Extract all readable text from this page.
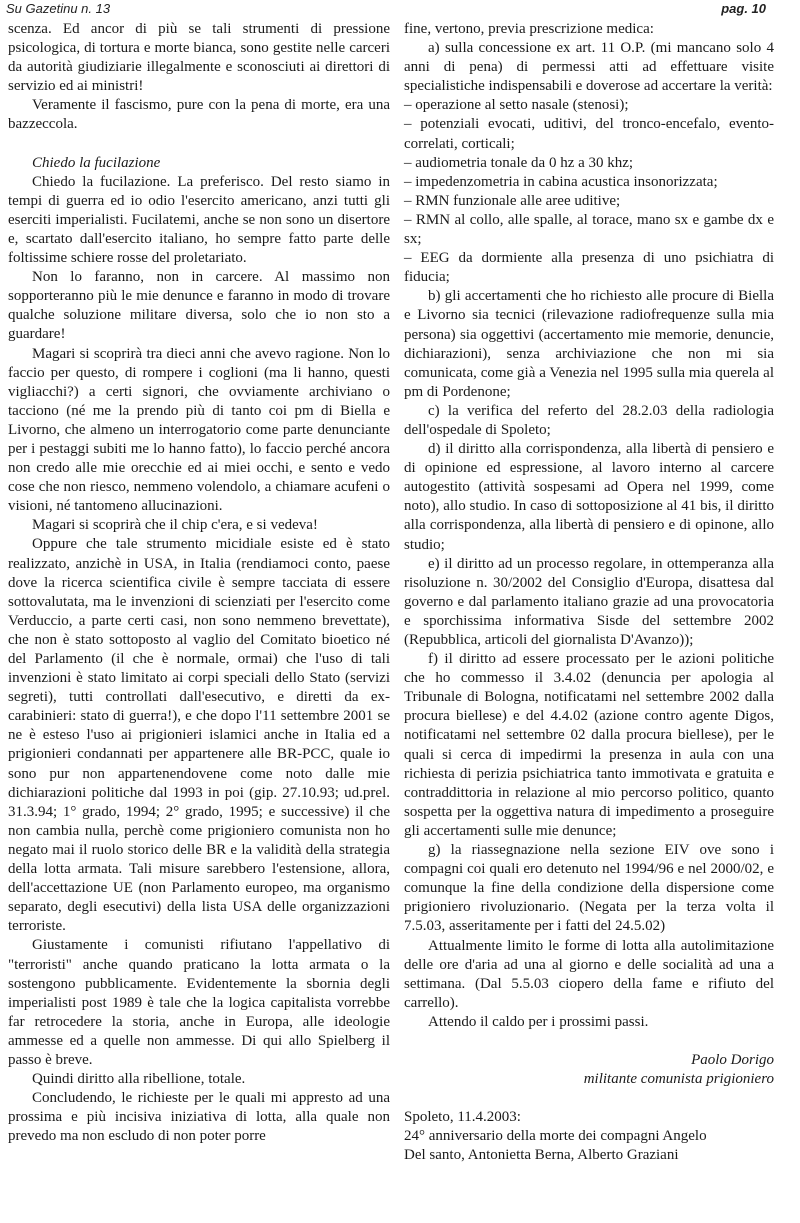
Su Gazetinu n. 13	pag. 10

scenza. Ed ancor di più se tali strumenti di pressione psicologica, di tortura e morte bianca, sono gestite nelle carceri da autorità giudiziarie illegalmente e sconosciuti ai direttori di servizio ed ai ministri!

Veramente il fascismo, pure con la pena di morte, era una bazzeccola.

Chiedo la fucilazione

Chiedo la fucilazione. La preferisco. Del resto siamo in tempi di guerra ed io odio l'esercito americano, anzi tutti gli eserciti imperialisti. Fucilatemi, anche se non sono un disertore e, scartato dall'esercito italiano, ho sempre fatto parte delle foltissime schiere rosse del proletariato.

Non lo faranno, non in carcere. Al massimo non sopporteranno più le mie denunce e faranno in modo di trovare qualche soluzione militare diversa, solo che io non sto a guardare!

Magari si scoprirà tra dieci anni che avevo ragione. Non lo faccio per questo, di rompere i coglioni (ma li hanno, questi vigliacchi?) a certi signori, che ovviamente archiviano o tacciono (né me la prendo più di tanto coi pm di Biella e Livorno, che almeno un interrogatorio come parte denunciante per i pestaggi subiti me lo hanno fatto), lo faccio perché ancora non credo alle mie orecchie ed ai miei occhi, e sento e vedo cose che non riesco, nemmeno volendolo, a chiamare acufeni o visioni, né tantomeno allucinazioni.

Magari si scoprirà che il chip c'era, e si vedeva!

Oppure che tale strumento micidiale esiste ed è stato realizzato, anzichè in USA, in Italia (rendiamoci conto, paese dove la ricerca scientifica civile è sempre tacciata di essere sottovalutata, ma le invenzioni di scienziati per l'esercito come Verduccio, a parte certi casi, non sono nemmeno brevettate), che non è stato sottoposto al vaglio del Comitato bioetico né del Parlamento (il che è normale, ormai) che l'uso di tali invenzioni è stato limitato ai corpi speciali dello Stato (servizi segreti), tutti controllati dall'esecutivo, e diretti da ex-carabinieri: stato di guerra!), e che dopo l'11 settembre 2001 se ne è esteso l'uso ai prigionieri islamici anche in Italia ed a prigionieri condannati per appartenere alle BR-PCC, quale io sono pur non appartenendovene come noto dalle mie dichiarazioni politiche dal 1993 in poi (gip. 27.10.93; ud.prel. 31.3.94; 1° grado, 1994; 2° grado, 1995; e successive) il che non cambia nulla, perchè come prigioniero comunista non ho negato mai il ruolo storico delle BR e la validità della strategia della lotta armata. Tali misure sarebbero l'estensione, allora, dell'accettazione UE (non Parlamento europeo, ma organismo separato, degli esecutivi) della lista USA delle organizzazioni terroriste.

Giustamente i comunisti rifiutano l'appellativo di "terroristi" anche quando praticano la lotta armata o la sostengono pubblicamente. Evidentemente la sbornia degli imperialisti post 1989 è tale che la logica capitalista vorrebbe far retrocedere la storia, anche in Europa, alle ideologie ammesse ed a quelle non ammesse. Di qui allo Spielberg il passo è breve.

Quindi diritto alla ribellione, totale.

Concludendo, le richieste per le quali mi appresto ad una prossima e più incisiva iniziativa di lotta, alla quale non prevedo ma non escludo di non poter porre

fine, vertono, previa prescrizione medica:

a) sulla concessione ex art. 11 O.P. (mi mancano solo 4 anni di pena) di permessi atti ad effettuare visite specialistiche indispensabili e doverose ad accertare la verità:

– operazione al setto nasale (stenosi);

– potenziali evocati, uditivi, del tronco-encefalo, evento-correlati, corticali;

– audiometria tonale da 0 hz a 30 khz;

– impedenzometria in cabina acustica insonorizzata;

– RMN funzionale alle aree uditive;

– RMN al collo, alle spalle, al torace, mano sx e gambe dx e sx;

– EEG da dormiente alla presenza di uno psichiatra di fiducia;

b) gli accertamenti che ho richiesto alle procure di Biella e Livorno sia tecnici (rilevazione radiofrequenze sulla mia persona) sia oggettivi (accertamento mie memorie, denuncie, dichiarazioni), senza archiviazione che non mi sia comunicata, come già a Venezia nel 1995 sulla mia querela al pm di Pordenone;

c) la verifica del referto del 28.2.03 della radiologia dell'ospedale di Spoleto;

d) il diritto alla corrispondenza, alla libertà di pensiero e di opinione ed espressione, al lavoro interno al carcere autogestito (attività sospesami ad Opera nel 1999, come noto), allo studio. In caso di sottoposizione al 41 bis, il diritto alla corrispondenza, alla libertà di pensiero e di opinone, allo studio;

e) il diritto ad un processo regolare, in ottemperanza alla risoluzione n. 30/2002 del Consiglio d'Europa, disattesa dal governo e dal parlamento italiano grazie ad una provocatoria e sporchissima informativa Sisde del settembre 2002 (Repubblica, articoli del giornalista D'Avanzo));

f) il diritto ad essere processato per le azioni politiche che ho commesso il 3.4.02 (denuncia per apologia al Tribunale di Bologna, notificatami nel settembre 2002 dalla procura biellese) e del 4.4.02 (azione contro agente Digos, notificatami nel settembre 02 dalla procura biellese), per le quali si cerca di impedirmi la presenza in aula con una richiesta di perizia psichiatrica tanto immotivata e gratuita e contraddittoria in relazione al mio percorso politico, quanto sospetta per la oggettiva natura di impedimento a proseguire gli accertamenti sulle mie denunce;

g) la riassegnazione nella sezione EIV ove sono i compagni coi quali ero detenuto nel 1994/96 e nel 2000/02, e comunque la fine della condizione della dispersione come prigioniero rivoluzionario. (Negata per la terza volta il 7.5.03, asseritamente per i fatti del 24.5.02)

Attualmente limito le forme di lotta alla autolimitazione delle ore d'aria ad una al giorno e delle socialità ad una a settimana. (Dal 5.5.03 ciopero della fame e rifiuto del carrello).

Attendo il caldo per i prossimi passi.

Paolo Dorigo

militante comunista prigioniero

Spoleto, 11.4.2003:

24° anniversario della morte dei compagni Angelo

Del santo, Antonietta Berna, Alberto Graziani
